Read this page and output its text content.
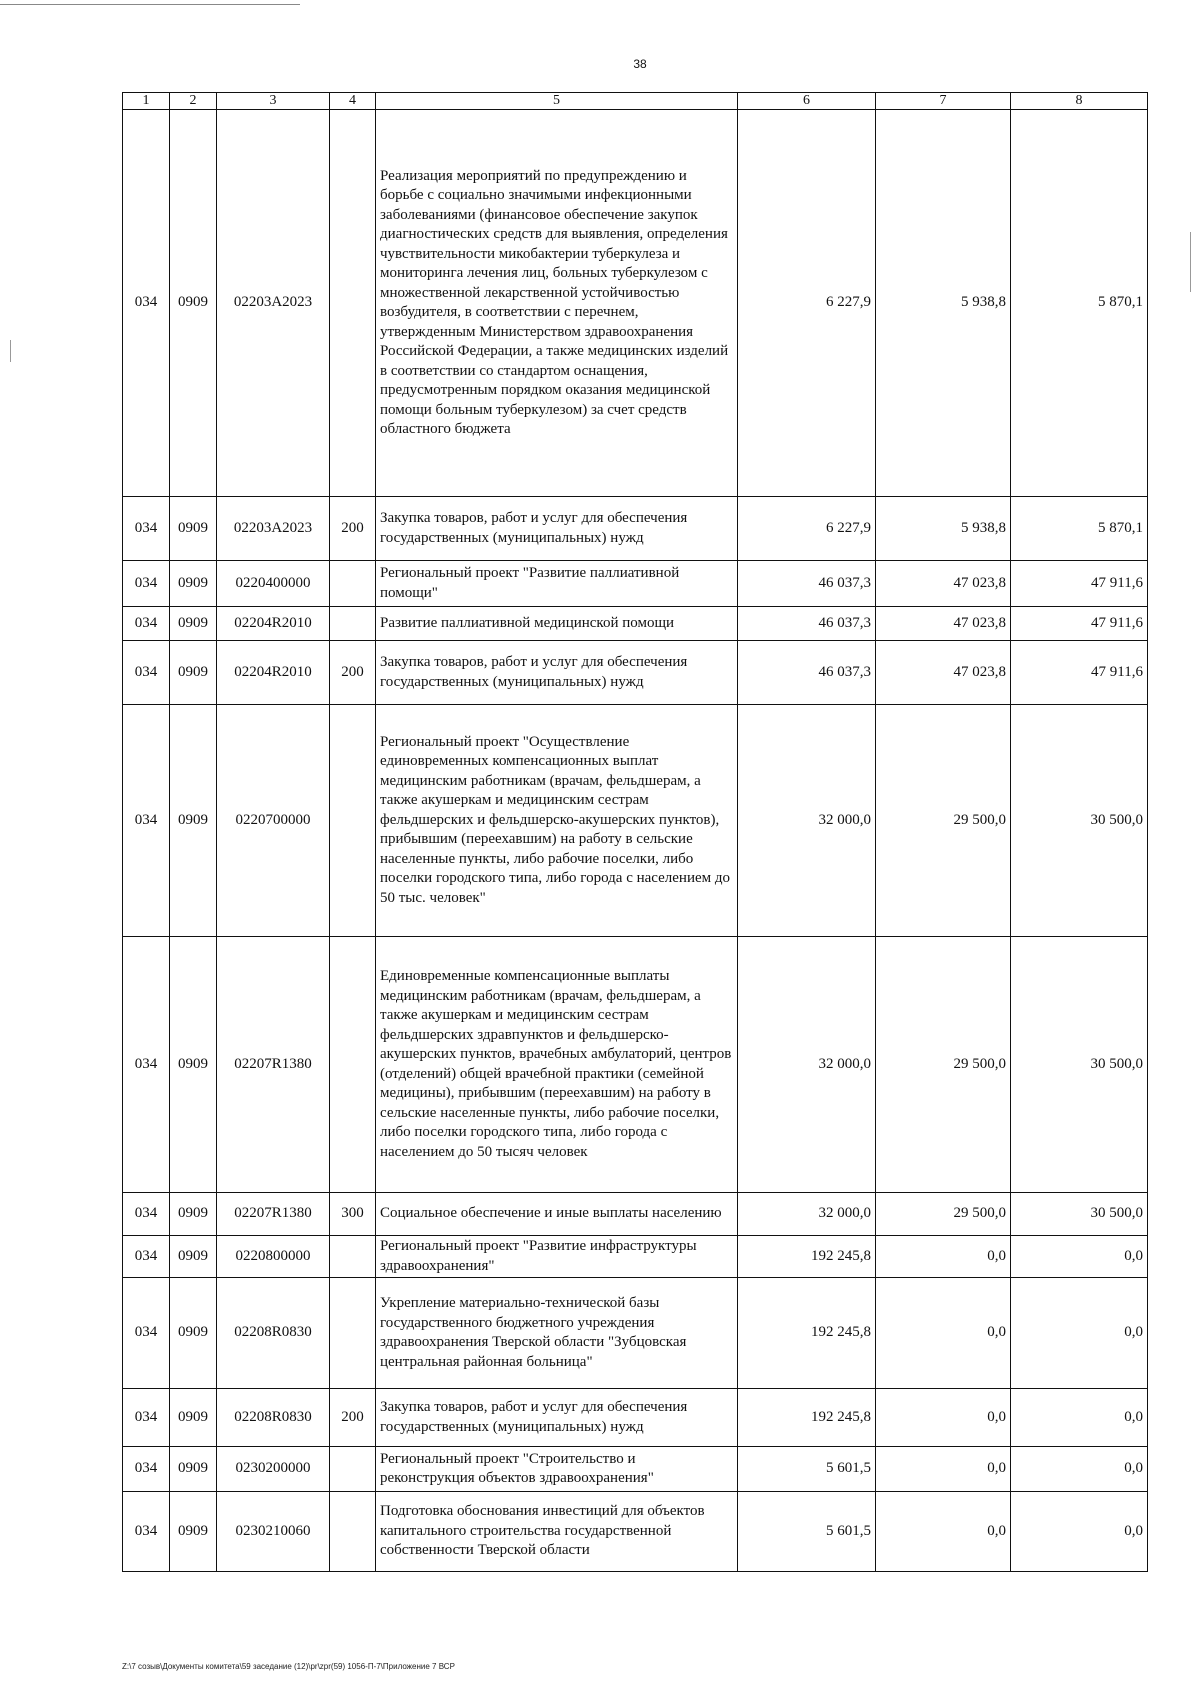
38
1	2	3	4	5	6	7	8
034	0909	02203A2023		Реализация мероприятий по предупреждению и борьбе с социально значимыми инфекционными заболеваниями (финансовое обеспечение закупок диагностических средств для выявления, определения чувствительности микобактерии туберкулеза и мониторинга лечения лиц, больных туберкулезом с множественной лекарственной устойчивостью возбудителя, в соответствии с перечнем, утвержденным Министерством здравоохранения Российской Федерации, а также медицинских изделий в соответствии со стандартом оснащения, предусмотренным порядком оказания медицинской помощи больным туберкулезом) за счет средств областного бюджета	6 227,9	5 938,8	5 870,1
034	0909	02203A2023	200	Закупка товаров, работ и услуг для обеспечения государственных (муниципальных) нужд	6 227,9	5 938,8	5 870,1
034	0909	0220400000		Региональный проект "Развитие паллиативной помощи"	46 037,3	47 023,8	47 911,6
034	0909	02204R2010		Развитие паллиативной медицинской помощи	46 037,3	47 023,8	47 911,6
034	0909	02204R2010	200	Закупка товаров, работ и услуг для обеспечения государственных (муниципальных) нужд	46 037,3	47 023,8	47 911,6
034	0909	0220700000		Региональный проект "Осуществление единовременных компенсационных выплат медицинским работникам (врачам, фельдшерам, а также акушеркам и медицинским сестрам фельдшерских и фельдшерско-акушерских пунктов), прибывшим (переехавшим) на работу в сельские населенные пункты, либо рабочие поселки, либо поселки городского типа, либо города с населением до 50 тыс. человек"	32 000,0	29 500,0	30 500,0
034	0909	02207R1380		Единовременные компенсационные выплаты медицинским работникам (врачам, фельдшерам, а также акушеркам и медицинским сестрам фельдшерских здравпунктов и фельдшерско-акушерских пунктов, врачебных амбулаторий, центров (отделений) общей врачебной практики (семейной медицины), прибывшим (переехавшим) на работу в сельские населенные пункты, либо рабочие поселки, либо поселки городского типа, либо города с населением до 50 тысяч человек	32 000,0	29 500,0	30 500,0
034	0909	02207R1380	300	Социальное обеспечение и иные выплаты населению	32 000,0	29 500,0	30 500,0
034	0909	0220800000		Региональный проект "Развитие инфраструктуры здравоохранения"	192 245,8	0,0	0,0
034	0909	02208R0830		Укрепление материально-технической базы государственного бюджетного учреждения здравоохранения Тверской области "Зубцовская центральная районная больница"	192 245,8	0,0	0,0
034	0909	02208R0830	200	Закупка товаров, работ и услуг для обеспечения государственных (муниципальных) нужд	192 245,8	0,0	0,0
034	0909	0230200000		Региональный проект "Строительство и реконструкция объектов здравоохранения"	5 601,5	0,0	0,0
034	0909	0230210060		Подготовка обоснования инвестиций для объектов капитального строительства государственной собственности Тверской области	5 601,5	0,0	0,0
Z:\7 созыв\Документы комитета\59 заседание (12)\pr\zpr(59) 1056-П-7\Приложение 7 ВСР
